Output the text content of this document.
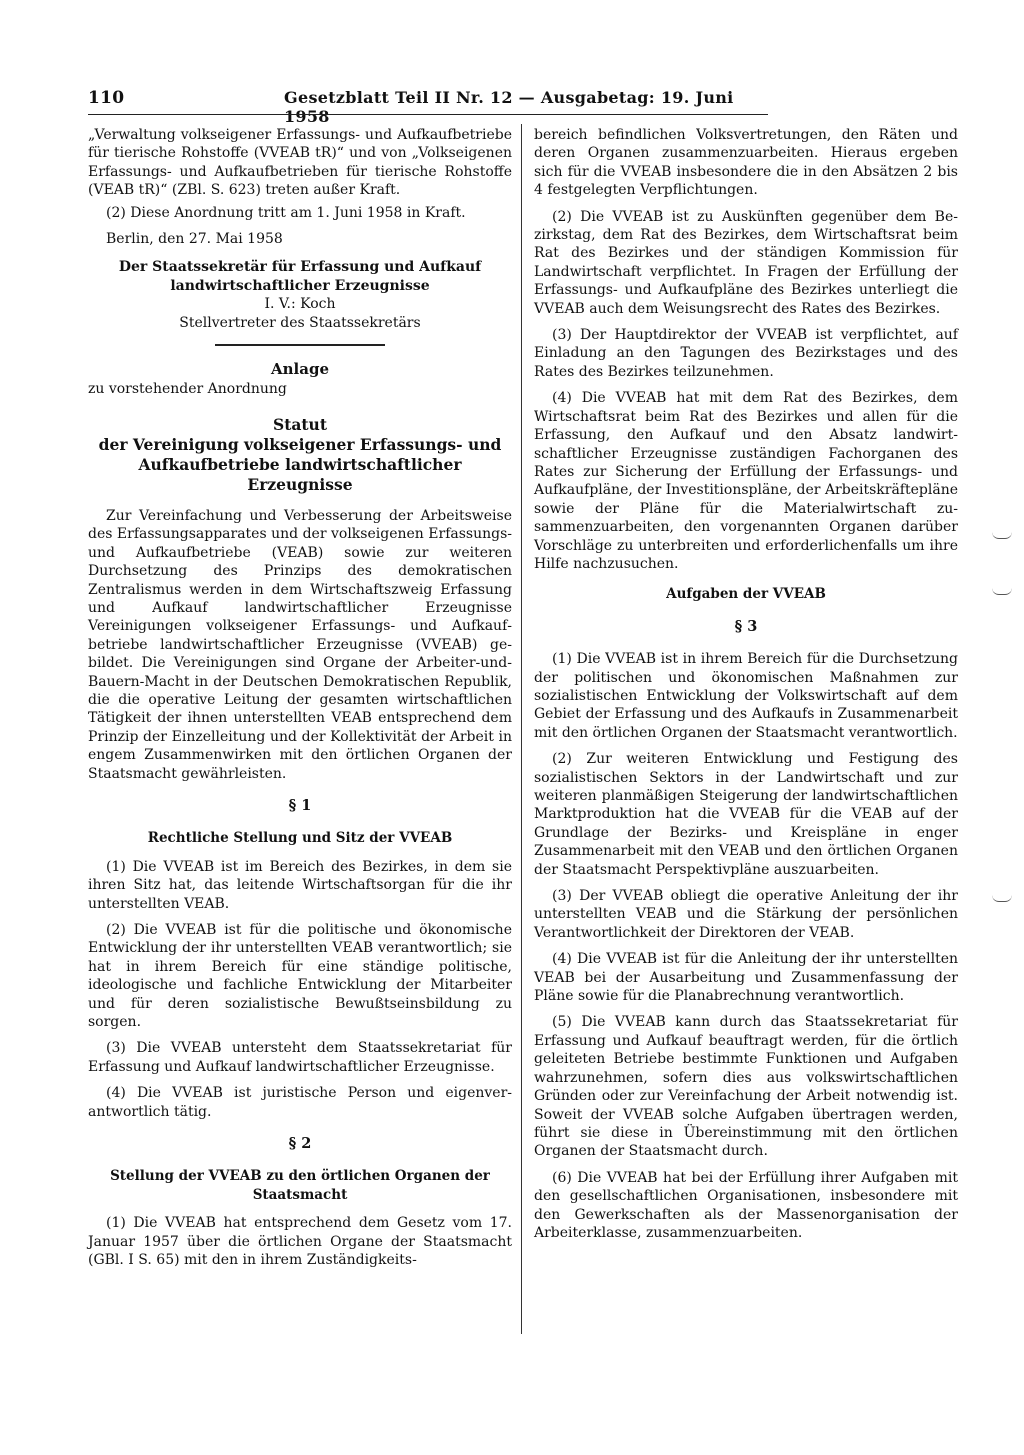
110	Gesetzblatt Teil II Nr. 12 — Ausgabetag: 19. Juni 1958

„Verwaltung volkseigener Erfassungs- und Aufkaufbetriebe für tierische Rohstoffe (VVEAB tR)“ und von „Volkseigenen Erfassungs- und Aufkaufbetrieben für tierische Rohstoffe (VEAB tR)“ (ZBl. S. 623) treten außer Kraft.

(2) Diese Anordnung tritt am 1. Juni 1958 in Kraft.

Berlin, den 27. Mai 1958

Der Staatssekretär für Erfassung und Aufkauf
landwirtschaftlicher Erzeugnisse
I. V.: Koch
Stellvertreter des Staatssekretärs
Anlage

zu vorstehender Anordnung

Statut
der Vereinigung volkseigener Erfassungs- und
Aufkaufbetriebe landwirtschaftlicher Erzeugnisse

Zur Vereinfachung und Verbesserung der Arbeitsweise des Erfassungsapparates und der volkseigenen Erfassungs- und Aufkaufbetriebe (VEAB) sowie zur weiteren Durchsetzung des Prinzips des demokratischen Zentralismus werden in dem Wirtschaftszweig Erfassung und Aufkauf landwirtschaftlicher Erzeugnisse Vereinigungen volkseigener Erfassungs- und Aufkaufbetriebe landwirtschaftlicher Erzeugnisse (VVEAB) gebildet. Die Vereinigungen sind Organe der Arbeiter-und-Bauern-Macht in der Deutschen Demokratischen Republik, die die operative Leitung der gesamten wirtschaftlichen Tätigkeit der ihnen unterstellten VEAB entsprechend dem Prinzip der Einzelleitung und der Kollektivität der Arbeit in engem Zusammenwirken mit den örtlichen Organen der Staatsmacht gewährleisten.

§ 1
Rechtliche Stellung und Sitz der VVEAB

(1) Die VVEAB ist im Bereich des Bezirkes, in dem sie ihren Sitz hat, das leitende Wirtschaftsorgan für die ihr unterstellten VEAB.

(2) Die VVEAB ist für die politische und ökonomische Entwicklung der ihr unterstellten VEAB verantwortlich; sie hat in ihrem Bereich für eine ständige politische, ideologische und fachliche Entwicklung der Mitarbeiter und für deren sozialistische Bewußtseinsbildung zu sorgen.

(3) Die VVEAB untersteht dem Staatssekretariat für Erfassung und Aufkauf landwirtschaftlicher Erzeugnisse.

(4) Die VVEAB ist juristische Person und eigenverantwortlich tätig.

§ 2
Stellung der VVEAB zu den örtlichen Organen der Staatsmacht

(1) Die VVEAB hat entsprechend dem Gesetz vom 17. Januar 1957 über die örtlichen Organe der Staatsmacht (GBl. I S. 65) mit den in ihrem Zuständigkeits-

bereich befindlichen Volksvertretungen, den Räten und deren Organen zusammenzuarbeiten. Hieraus ergeben sich für die VVEAB insbesondere die in den Absätzen 2 bis 4 festgelegten Verpflichtungen.

(2) Die VVEAB ist zu Auskünften gegenüber dem Bezirkstag, dem Rat des Bezirkes, dem Wirtschaftsrat beim Rat des Bezirkes und der ständigen Kommission für Landwirtschaft verpflichtet. In Fragen der Erfüllung der Erfassungs- und Aufkaufpläne des Bezirkes unterliegt die VVEAB auch dem Weisungsrecht des Rates des Bezirkes.

(3) Der Hauptdirektor der VVEAB ist verpflichtet, auf Einladung an den Tagungen des Bezirkstages und des Rates des Bezirkes teilzunehmen.

(4) Die VVEAB hat mit dem Rat des Bezirkes, dem Wirtschaftsrat beim Rat des Bezirkes und allen für die Erfassung, den Aufkauf und den Absatz landwirtschaftlicher Erzeugnisse zuständigen Fachorganen des Rates zur Sicherung der Erfüllung der Erfassungs- und Aufkaufpläne, der Investitionspläne, der Arbeitskräftepläne sowie der Pläne für die Materialwirtschaft zusammenzuarbeiten, den vorgenannten Organen darüber Vorschläge zu unterbreiten und erforderlichenfalls um ihre Hilfe nachzusuchen.

Aufgaben der VVEAB
§ 3

(1) Die VVEAB ist in ihrem Bereich für die Durchsetzung der politischen und ökonomischen Maßnahmen zur sozialistischen Entwicklung der Volkswirtschaft auf dem Gebiet der Erfassung und des Aufkaufs in Zusammenarbeit mit den örtlichen Organen der Staatsmacht verantwortlich.

(2) Zur weiteren Entwicklung und Festigung des sozialistischen Sektors in der Landwirtschaft und zur weiteren planmäßigen Steigerung der landwirtschaftlichen Marktproduktion hat die VVEAB für die VEAB auf der Grundlage der Bezirks- und Kreispläne in enger Zusammenarbeit mit den VEAB und den örtlichen Organen der Staatsmacht Perspektivpläne auszuarbeiten.

(3) Der VVEAB obliegt die operative Anleitung der ihr unterstellten VEAB und die Stärkung der persönlichen Verantwortlichkeit der Direktoren der VEAB.

(4) Die VVEAB ist für die Anleitung der ihr unterstellten VEAB bei der Ausarbeitung und Zusammenfassung der Pläne sowie für die Planabrechnung verantwortlich.

(5) Die VVEAB kann durch das Staatssekretariat für Erfassung und Aufkauf beauftragt werden, für die örtlich geleiteten Betriebe bestimmte Funktionen und Aufgaben wahrzunehmen, sofern dies aus volkswirtschaftlichen Gründen oder zur Vereinfachung der Arbeit notwendig ist. Soweit der VVEAB solche Aufgaben übertragen werden, führt sie diese in Übereinstimmung mit den örtlichen Organen der Staatsmacht durch.

(6) Die VVEAB hat bei der Erfüllung ihrer Aufgaben mit den gesellschaftlichen Organisationen, insbesondere mit den Gewerkschaften als der Massenorganisation der Arbeiterklasse, zusammenzuarbeiten.
